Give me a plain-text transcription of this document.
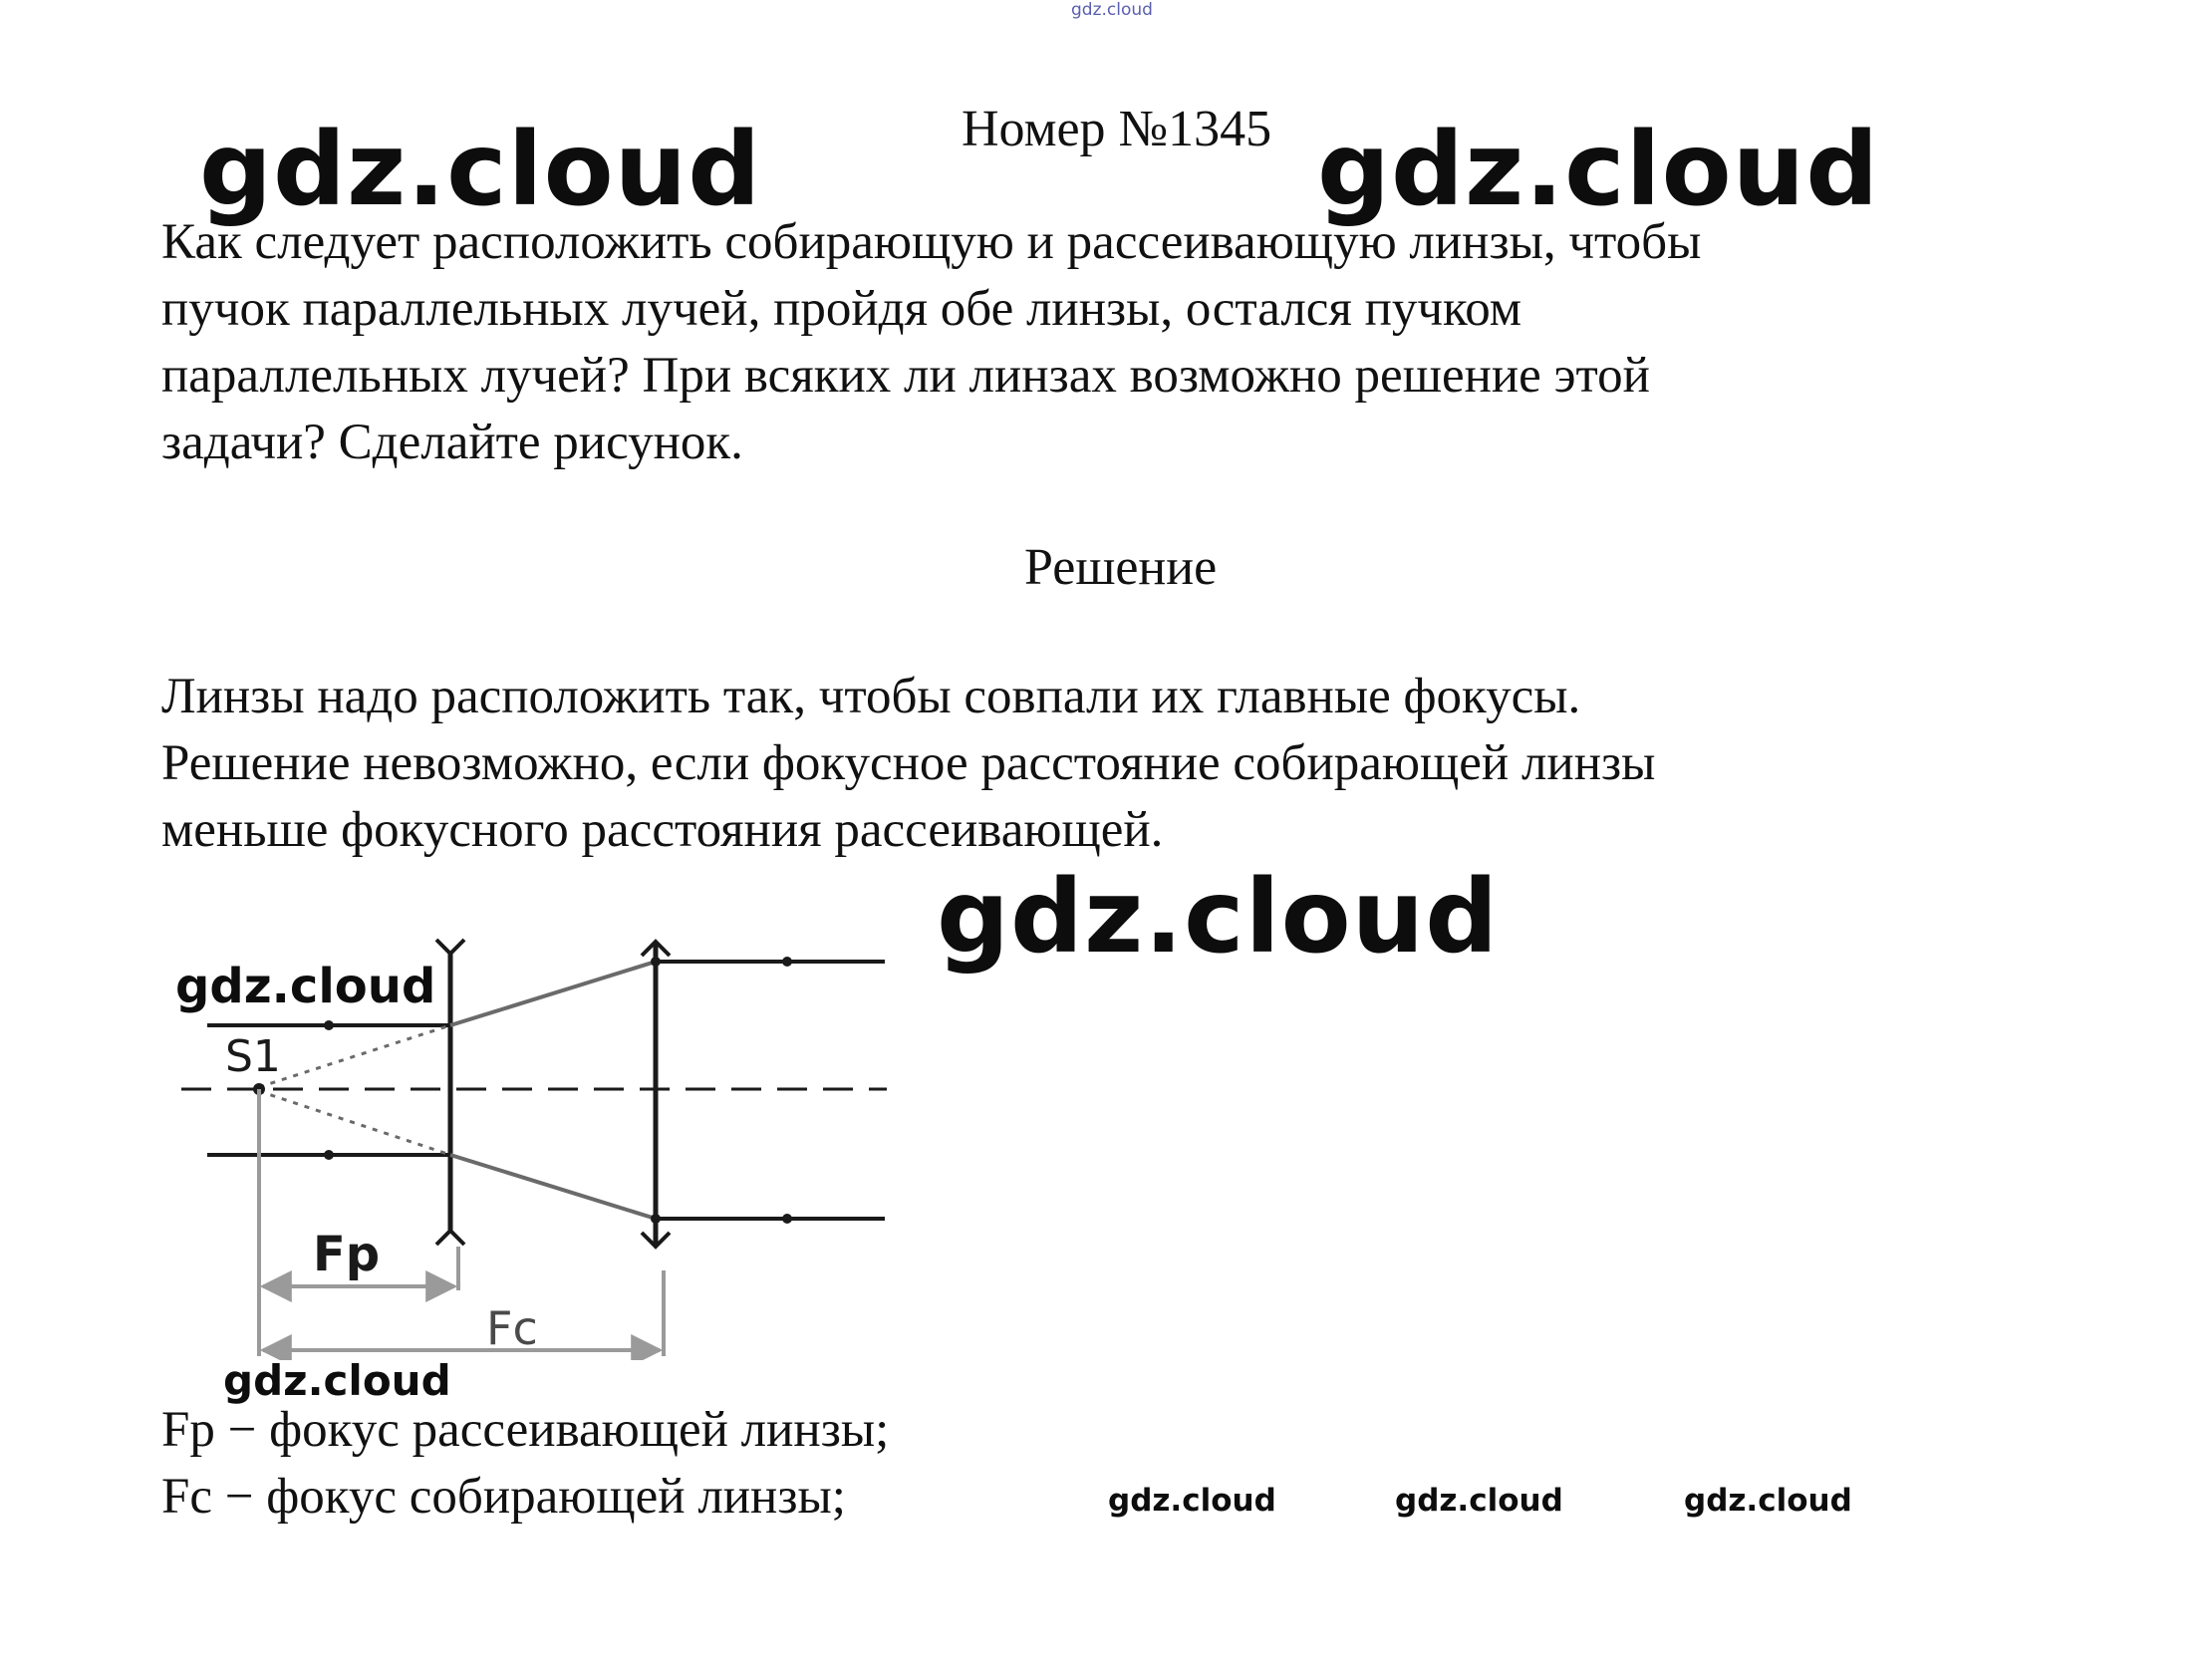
gdz.cloud
Номер №1345
gdz.cloud	gdz.cloud
Как следует расположить собирающую и рассеивающую линзы, чтобы
пучок параллельных лучей, пройдя обе линзы, остался пучком
параллельных лучей? При всяких ли линзах возможно решение этой
задачи? Сделайте рисунок.
Решение
Линзы надо расположить так, чтобы совпали их главные фокусы.
Решение невозможно, если фокусное расстояние собирающей линзы
меньше фокусного расстояния рассеивающей.
gdz.cloud
gdz.cloud
S1
Fp
Fc
gdz.cloud
Fp − фокус рассеивающей линзы;
Fc − фокус собирающей линзы;	gdz.cloud	gdz.cloud	gdz.cloud
